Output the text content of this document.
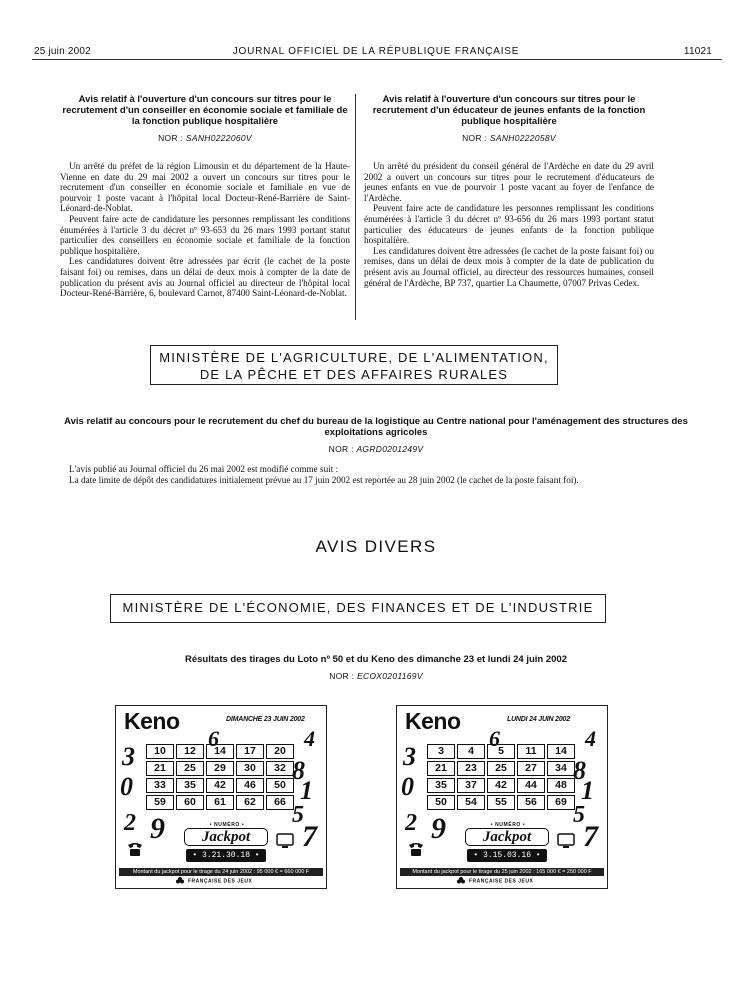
25 juin 2002	JOURNAL OFFICIEL DE LA RÉPUBLIQUE FRANÇAISE	11021
Avis relatif à l'ouverture d'un concours sur titres pour le recrutement d'un conseiller en économie sociale et familiale de la fonction publique hospitalière
NOR : SANH0222060V

Un arrêté du préfet de la région Limousin et du département de la Haute-Vienne en date du 29 mai 2002 a ouvert un concours sur titres pour le recrutement d'un conseiller en économie sociale et familiale en vue de pourvoir 1 poste vacant à l'hôpital local Docteur-René-Barrière de Saint-Léonard-de-Noblat.

Peuvent faire acte de candidature les personnes remplissant les conditions énumérées à l'article 3 du décret nº 93-653 du 26 mars 1993 portant statut particulier des conseillers en économie sociale et familiale de la fonction publique hospitalière.

Les candidatures doivent être adressées par écrit (le cachet de la poste faisant foi) ou remises, dans un délai de deux mois à compter de la date de publication du présent avis au Journal officiel au directeur de l'hôpital local Docteur-René-Barrière, 6, boulevard Carnot, 87400 Saint-Léonard-de-Noblat.

Avis relatif à l'ouverture d'un concours sur titres pour le recrutement d'un éducateur de jeunes enfants de la fonction publique hospitalière
NOR : SANH0222058V

Un arrêté du président du conseil général de l'Ardèche en date du 29 avril 2002 a ouvert un concours sur titres pour le recrutement d'éducateurs de jeunes enfants en vue de pourvoir 1 poste vacant au foyer de l'enfance de l'Ardèche.

Peuvent faire acte de candidature les personnes remplissant les conditions énumérées à l'article 3 du décret nº 93-656 du 26 mars 1993 portant statut particulier des éducateurs de jeunes enfants de la fonction publique hospitalière.

Les candidatures doivent être adressées (le cachet de la poste faisant foi) ou remises, dans un délai de deux mois à compter de la date de publication du présent avis au Journal officiel, au directeur des ressources humaines, conseil général de l'Ardèche, BP 737, quartier La Chaumette, 07007 Privas Cedex.

MINISTÈRE DE L'AGRICULTURE, DE L'ALIMENTATION,
DE LA PÊCHE ET DES AFFAIRES RURALES
Avis relatif au concours pour le recrutement du chef du bureau de la logistique au Centre national pour l'aménagement des structures des exploitations agricoles
NOR : AGRD0201249V

L'avis publié au Journal officiel du 26 mai 2002 est modifié comme suit :

La date limite de dépôt des candidatures initialement prévue au 17 juin 2002 est reportée au 28 juin 2002 (le cachet de la poste faisant foi).

AVIS DIVERS
MINISTÈRE DE L'ÉCONOMIE, DES FINANCES ET DE L'INDUSTRIE
Résultats des tirages du Loto nº 50 et du Keno des dimanche 23 et lundi 24 juin 2002
NOR : ECOX0201169V
Keno	DIMANCHE 23 JUIN 2002
6	4
3
0
8
1
5
2 9	7
10	12	14	17	20
21	25	29	30	32
33	35	42	46	50
59	60	61	62	66
• NUMÉRO •
Jackpot
• 3.21.30.18 •
Montant du jackpot pour le tirage du 24 juin 2002 : 95 000 € = 660 000 F
FRANÇAISE DES JEUX
Keno	LUNDI 24 JUIN 2002
6	4
3
0
8
1
5
2 9	7
3	4	5	11	14
21	23	25	27	34
35	37	42	44	48
50	54	55	56	69
• NUMÉRO •
Jackpot
• 3.15.03.16 •
Montant du jackpot pour le tirage du 25 juin 2002 : 165 000 € = 250 000 F
FRANÇAISE DES JEUX
